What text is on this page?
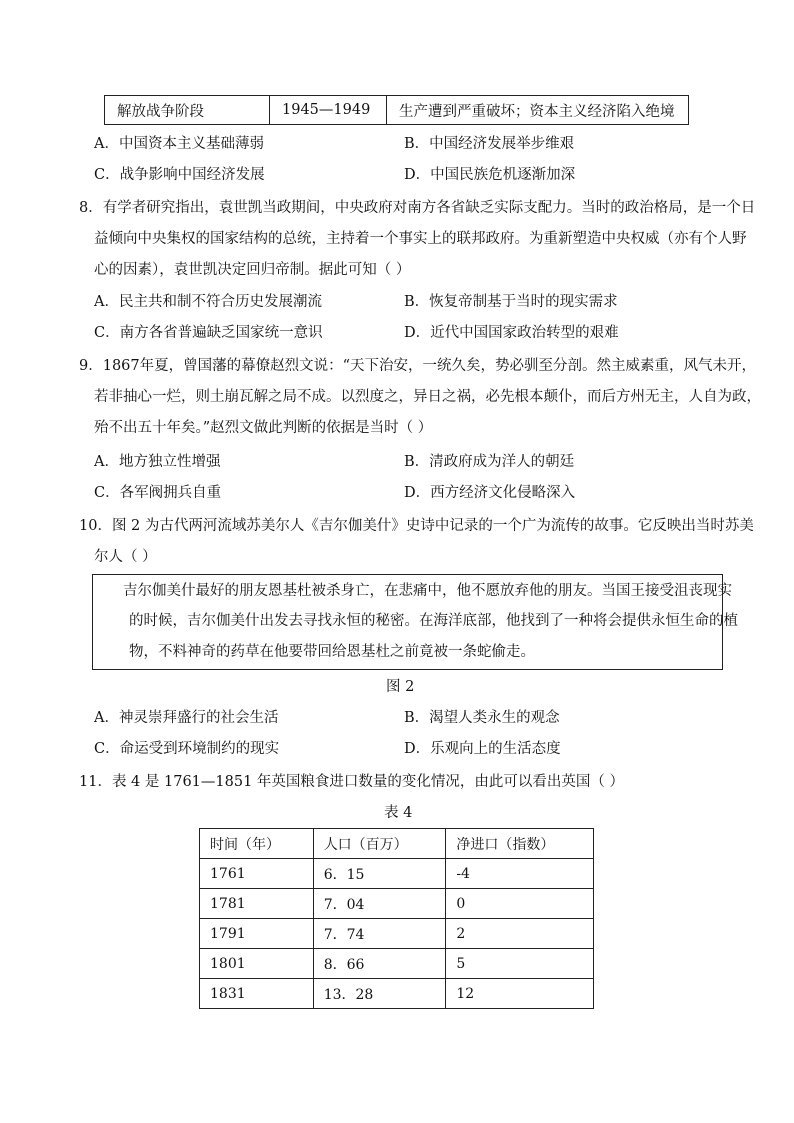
解放战争阶段	1945—1949	生产遭到严重破坏；资本主义经济陷入绝境
A．中国资本主义基础薄弱	B．中国经济发展举步维艰
C．战争影响中国经济发展	D．中国民族危机逐渐加深
8．有学者研究指出，袁世凯当政期间，中央政府对南方各省缺乏实际支配力。当时的政治格局，是一个日
益倾向中央集权的国家结构的总统，主持着一个事实上的联邦政府。为重新塑造中央权威（亦有个人野
心的因素），袁世凯决定回归帝制。据此可知（ ）
A．民主共和制不符合历史发展潮流	B．恢复帝制基于当时的现实需求
C．南方各省普遍缺乏国家统一意识	D．近代中国国家政治转型的艰难
9．1867年夏，曾国藩的幕僚赵烈文说：“天下治安，一统久矣，势必驯至分剖。然主威素重，风气未开，
若非抽心一烂，则土崩瓦解之局不成。以烈度之，异日之祸，必先根本颠仆，而后方州无主，人自为政，
殆不出五十年矣。”赵烈文做此判断的依据是当时（ ）
A．地方独立性增强	B．清政府成为洋人的朝廷
C．各军阀拥兵自重	D．西方经济文化侵略深入
10．图 2 为古代两河流域苏美尔人《吉尔伽美什》史诗中记录的一个广为流传的故事。它反映出当时苏美
尔人（ ）
吉尔伽美什最好的朋友恩基杜被杀身亡，在悲痛中，他不愿放弃他的朋友。当国王接受沮丧现实
的时候，吉尔伽美什出发去寻找永恒的秘密。在海洋底部，他找到了一种将会提供永恒生命的植
物，不料神奇的药草在他要带回给恩基杜之前竟被一条蛇偷走。
图 2
A．神灵崇拜盛行的社会生活	B．渴望人类永生的观念
C．命运受到环境制约的现实	D．乐观向上的生活态度
11．表 4 是 1761—1851 年英国粮食进口数量的变化情况，由此可以看出英国（ ）
表 4
时间（年）	人口（百万）	净进口（指数）
1761	6．15	-4
1781	7．04	0
1791	7．74	2
1801	8．66	5
1831	13．28	12
